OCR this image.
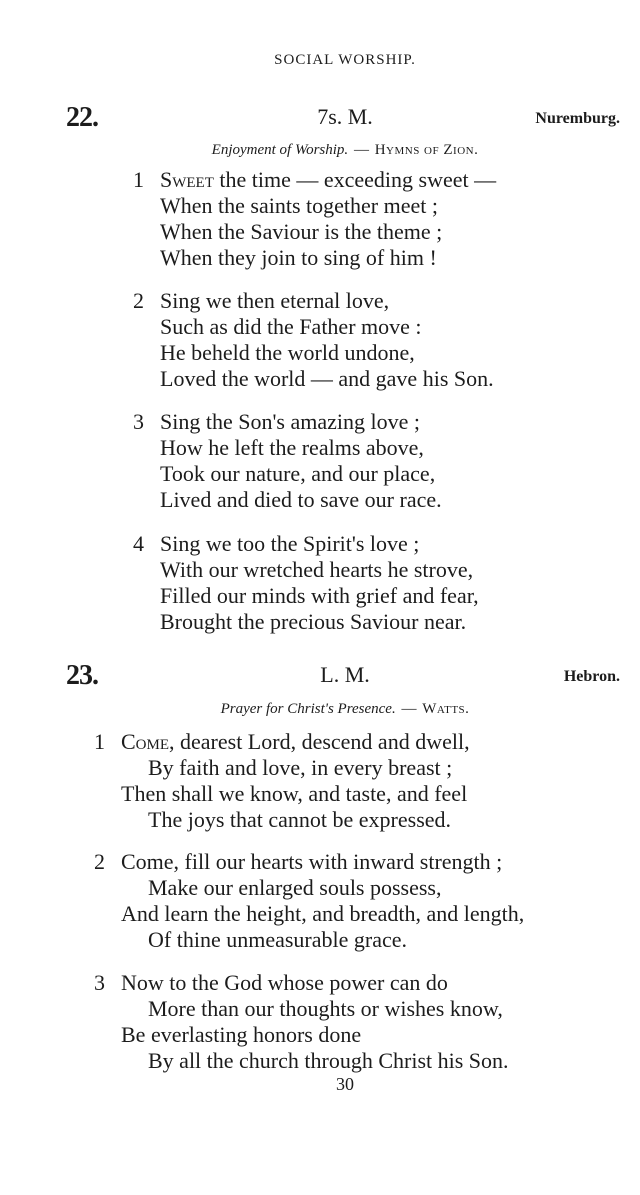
SOCIAL WORSHIP.
22.	7s. M.	Nuremburg.
Enjoyment of Worship. — Hymns of Zion.
1 Sweet the time — exceeding sweet —
When the saints together meet ;
When the Saviour is the theme ;
When they join to sing of him !
2 Sing we then eternal love,
Such as did the Father move :
He beheld the world undone,
Loved the world — and gave his Son.
3 Sing the Son's amazing love ;
How he left the realms above,
Took our nature, and our place,
Lived and died to save our race.
4 Sing we too the Spirit's love ;
With our wretched hearts he strove,
Filled our minds with grief and fear,
Brought the precious Saviour near.
23.	L. M.	Hebron.
Prayer for Christ's Presence. — Watts.
1 Come, dearest Lord, descend and dwell,
By faith and love, in every breast ;
Then shall we know, and taste, and feel
The joys that cannot be expressed.
2 Come, fill our hearts with inward strength ;
Make our enlarged souls possess,
And learn the height, and breadth, and length,
Of thine unmeasurable grace.
3 Now to the God whose power can do
More than our thoughts or wishes know,
Be everlasting honors done
By all the church through Christ his Son.
30
